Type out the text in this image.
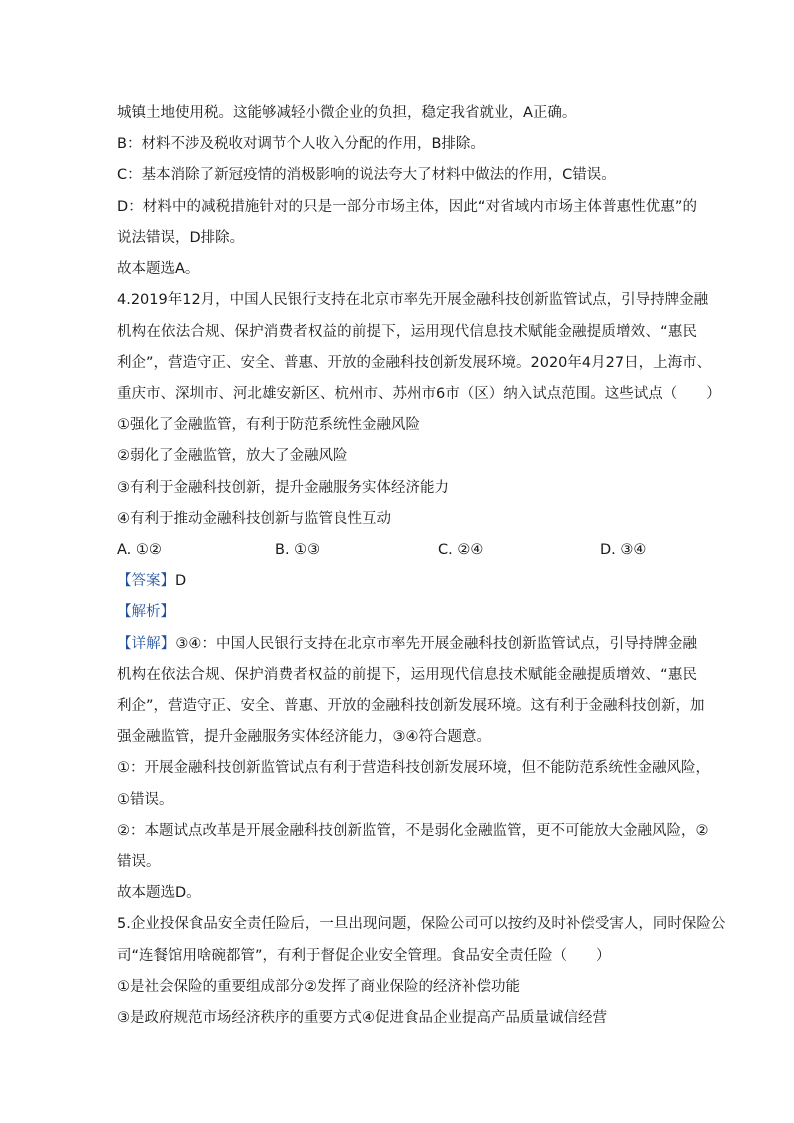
城镇土地使用税。这能够减轻小微企业的负担，稳定我省就业，A正确。
B：材料不涉及税收对调节个人收入分配的作用，B排除。
C：基本消除了新冠疫情的消极影响的说法夸大了材料中做法的作用，C错误。
D：材料中的减税措施针对的只是一部分市场主体，因此“对省域内市场主体普惠性优惠”的
说法错误，D排除。
故本题选A。
4.2019年12月，中国人民银行支持在北京市率先开展金融科技创新监管试点，引导持牌金融
机构在依法合规、保护消费者权益的前提下，运用现代信息技术赋能金融提质增效、“惠民
利企”，营造守正、安全、普惠、开放的金融科技创新发展环境。2020年4月27日，上海市、
重庆市、深圳市、河北雄安新区、杭州市、苏州市6市（区）纳入试点范围。这些试点（　　）
①强化了金融监管，有利于防范系统性金融风险
②弱化了金融监管，放大了金融风险
③有利于金融科技创新，提升金融服务实体经济能力
④有利于推动金融科技创新与监管良性互动
A. ①②	B. ①③	C. ②④	D. ③④
【答案】D
【解析】
【详解】③④：中国人民银行支持在北京市率先开展金融科技创新监管试点，引导持牌金融
机构在依法合规、保护消费者权益的前提下，运用现代信息技术赋能金融提质增效、“惠民
利企”，营造守正、安全、普惠、开放的金融科技创新发展环境。这有利于金融科技创新，加
强金融监管，提升金融服务实体经济能力，③④符合题意。
①：开展金融科技创新监管试点有利于营造科技创新发展环境，但不能防范系统性金融风险，
①错误。
②：本题试点改革是开展金融科技创新监管，不是弱化金融监管，更不可能放大金融风险，②
错误。
故本题选D。
5.企业投保食品安全责任险后，一旦出现问题，保险公司可以按约及时补偿受害人，同时保险公
司“连餐馆用啥碗都管”，有利于督促企业安全管理。食品安全责任险（　　）
①是社会保险的重要组成部分②发挥了商业保险的经济补偿功能
③是政府规范市场经济秩序的重要方式④促进食品企业提高产品质量诚信经营
